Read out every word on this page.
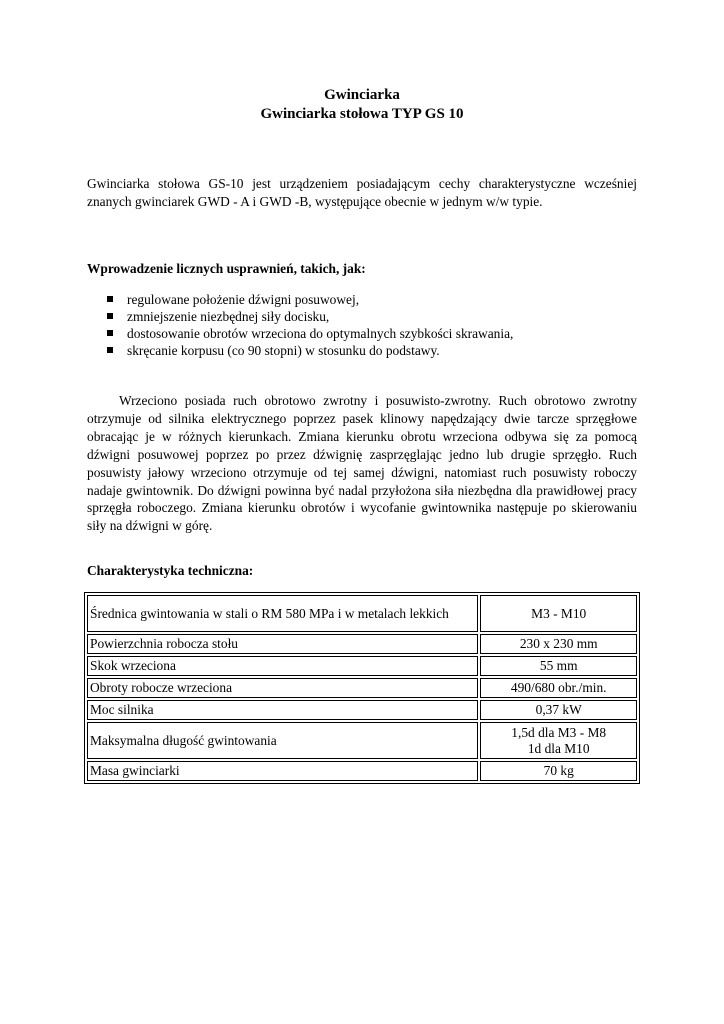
Gwinciarka
Gwinciarka stołowa TYP GS 10

Gwinciarka stołowa GS-10 jest urządzeniem posiadającym cechy charakterystyczne wcześniej znanych gwinciarek GWD - A i GWD -B, występujące obecnie w jednym w/w typie.

Wprowadzenie licznych usprawnień, takich, jak:

regulowane położenie dźwigni posuwowej,
zmniejszenie niezbędnej siły docisku,
dostosowanie obrotów wrzeciona do optymalnych szybkości skrawania,
skręcanie korpusu (co 90 stopni) w stosunku do podstawy.

Wrzeciono posiada ruch obrotowo zwrotny i posuwisto-zwrotny. Ruch obrotowo zwrotny otrzymuje od silnika elektrycznego poprzez pasek klinowy napędzający dwie tarcze sprzęgłowe obracając je w różnych kierunkach. Zmiana kierunku obrotu wrzeciona odbywa się za pomocą dźwigni posuwowej poprzez po przez dźwignię zasprzęglając jedno lub drugie sprzęgło. Ruch posuwisty jałowy wrzeciono otrzymuje od tej samej dźwigni, natomiast ruch posuwisty roboczy nadaje gwintownik. Do dźwigni powinna być nadal przyłożona siła niezbędna dla prawidłowej pracy sprzęgła roboczego. Zmiana kierunku obrotów i wycofanie gwintownika następuje po skierowaniu siły na dźwigni w górę.

Charakterystyka techniczna:

Średnica gwintowania w stali o RM 580 MPa i w metalach lekkich	M3 - M10

Powierzchnia robocza stołu	230 x 230 mm

Skok wrzeciona	55 mm

Obroty robocze wrzeciona	490/680 obr./min.

Moc silnika	0,37 kW

Maksymalna długość gwintowania	1,5d dla M3 - M8
1d dla M10

Masa gwinciarki	70 kg
